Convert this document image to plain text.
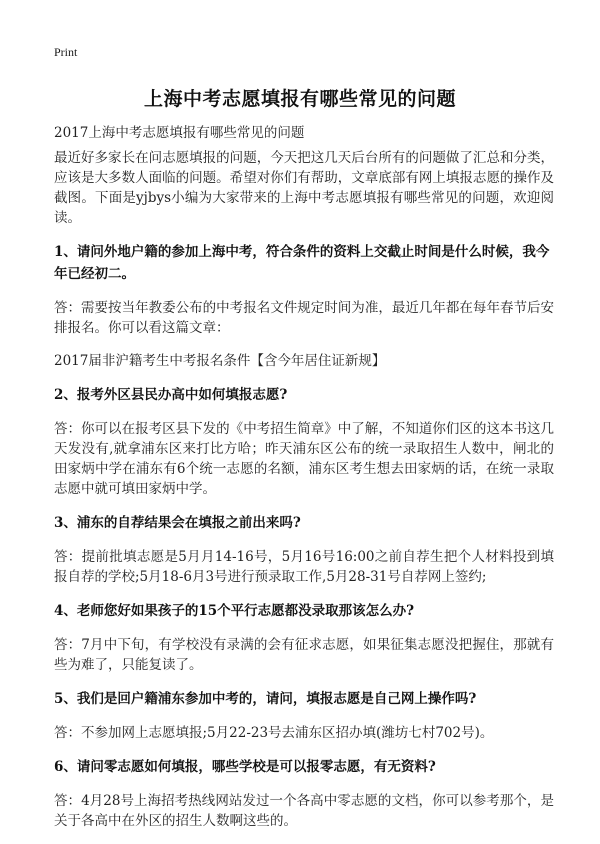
Print
上海中考志愿填报有哪些常见的问题
2017上海中考志愿填报有哪些常见的问题

最近好多家长在问志愿填报的问题，今天把这几天后台所有的问题做了汇总和分类，应该是大多数人面临的问题。希望对你们有帮助，文章底部有网上填报志愿的操作及截图。下面是yjbys小编为大家带来的上海中考志愿填报有哪些常见的问题，欢迎阅读。

1、请问外地户籍的参加上海中考，符合条件的资料上交截止时间是什么时候，我今年已经初二。

答：需要按当年教委公布的中考报名文件规定时间为准，最近几年都在每年春节后安排报名。你可以看这篇文章：

2017届非沪籍考生中考报名条件【含今年居住证新规】

2、报考外区县民办高中如何填报志愿?

答：你可以在报考区县下发的《中考招生简章》中了解，不知道你们区的这本书这几天发没有,就拿浦东区来打比方哈；昨天浦东区公布的统一录取招生人数中，闸北的田家炳中学在浦东有6个统一志愿的名额，浦东区考生想去田家炳的话，在统一录取志愿中就可填田家炳中学。

3、浦东的自荐结果会在填报之前出来吗?

答：提前批填志愿是5月月14-16号，5月16号16:00之前自荐生把个人材料投到填报自荐的学校;5月18-6月3号进行预录取工作,5月28-31号自荐网上签约;

4、老师您好如果孩子的15个平行志愿都没录取那该怎么办?

答：7月中下旬，有学校没有录满的会有征求志愿，如果征集志愿没把握住，那就有些为难了，只能复读了。

5、我们是回户籍浦东参加中考的，请问，填报志愿是自己网上操作吗?

答：不参加网上志愿填报;5月22-23号去浦东区招办填(潍坊七村702号)。

6、请问零志愿如何填报，哪些学校是可以报零志愿，有无资料?

答：4月28号上海招考热线网站发过一个各高中零志愿的文档，你可以参考那个，是关于各高中在外区的招生人数啊这些的。
